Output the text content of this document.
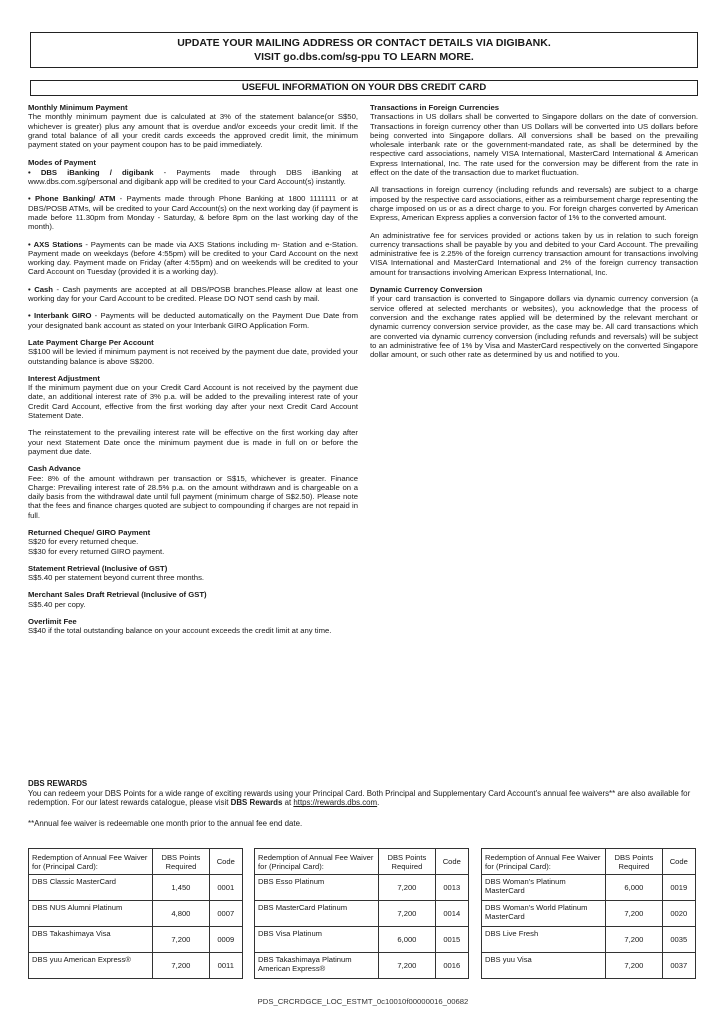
UPDATE YOUR MAILING ADDRESS OR CONTACT DETAILS VIA DIGIBANK.
VISIT go.dbs.com/sg-ppu TO LEARN MORE.
USEFUL INFORMATION ON YOUR DBS CREDIT CARD
Monthly Minimum Payment
The monthly minimum payment due is calculated at 3% of the statement balance(or S$50, whichever is greater) plus any amount that is overdue and/or exceeds your credit limit. If the grand total balance of all your credit cards exceeds the approved credit limit, the minimum payment stated on your payment coupon has to be paid immediately.
Modes of Payment
• DBS iBanking / digibank - Payments made through DBS iBanking at www.dbs.com.sg/personal and digibank app will be credited to your Card Account(s) instantly.
• Phone Banking/ ATM - Payments made through Phone Banking at 1800 1111111 or at DBS/POSB ATMs, will be credited to your Card Account(s) on the next working day (if payment is made before 11.30pm from Monday - Saturday, & before 8pm on the last working day of the month).
• AXS Stations - Payments can be made via AXS Stations including m- Station and e-Station. Payment made on weekdays (before 4:55pm) will be credited to your Card Account on the next working day. Payment made on Friday (after 4:55pm) and on weekends will be credited to your Card Account on Tuesday (provided it is a working day).
• Cash - Cash payments are accepted at all DBS/POSB branches.Please allow at least one working day for your Card Account to be credited. Please DO NOT send cash by mail.
• Interbank GIRO - Payments will be deducted automatically on the Payment Due Date from your designated bank account as stated on your Interbank GIRO Application Form.
Late Payment Charge Per Account
S$100 will be levied if minimum payment is not received by the payment due date, provided your outstanding balance is above S$200.
Interest Adjustment
If the minimum payment due on your Credit Card Account is not received by the payment due date, an additional interest rate of 3% p.a. will be added to the prevailing interest rate of your Credit Card Account, effective from the first working day after your next Credit Card Account Statement Date.
The reinstatement to the prevailing interest rate will be effective on the first working day after your next Statement Date once the minimum payment due is made in full on or before the payment due date.
Cash Advance
Fee: 8% of the amount withdrawn per transaction or S$15, whichever is greater. Finance Charge: Prevailing interest rate of 28.5% p.a. on the amount withdrawn and is chargeable on a daily basis from the withdrawal date until full payment (minimum charge of S$2.50). Please note that the fees and finance charges quoted are subject to compounding if charges are not repaid in full.
Returned Cheque/ GIRO Payment
S$20 for every returned cheque.
S$30 for every returned GIRO payment.
Statement Retrieval (Inclusive of GST)
S$5.40 per statement beyond current three months.
Merchant Sales Draft Retrieval (Inclusive of GST)
S$5.40 per copy.
Overlimit Fee
S$40 if the total outstanding balance on your account exceeds the credit limit at any time.
Transactions in Foreign Currencies
Transactions in US dollars shall be converted to Singapore dollars on the date of conversion. Transactions in foreign currency other than US Dollars will be converted into US dollars before being converted into Singapore dollars. All conversions shall be based on the prevailing wholesale interbank rate or the government-mandated rate, as shall be determined by the respective card associations, namely VISA International, MasterCard International & American Express International, Inc. The rate used for the conversion may be different from the rate in effect on the date of the transaction due to market fluctuation.
All transactions in foreign currency (including refunds and reversals) are subject to a charge imposed by the respective card associations, either as a reimbursement charge representing the charge imposed on us or as a direct charge to you. For foreign charges converted by American Express, American Express applies a conversion factor of 1% to the converted amount.
An administrative fee for services provided or actions taken by us in relation to such foreign currency transactions shall be payable by you and debited to your Card Account. The prevailing administrative fee is 2.25% of the foreign currency transaction amount for transactions involving VISA International and MasterCard International and 2% of the foreign currency transaction amount for transactions involving American Express International, Inc.
Dynamic Currency Conversion
If your card transaction is converted to Singapore dollars via dynamic currency conversion (a service offered at selected merchants or websites), you acknowledge that the process of conversion and the exchange rates applied will be determined by the relevant merchant or dynamic currency conversion service provider, as the case may be. All card transactions which are converted via dynamic currency conversion (including refunds and reversals) will be subject to an administrative fee of 1% by Visa and MasterCard respectively on the converted Singapore dollar amount, or such other rate as determined by us and notified to you.
DBS REWARDS
You can redeem your DBS Points for a wide range of exciting rewards using your Principal Card. Both Principal and Supplementary Card Account's annual fee waivers** are also available for redemption. For our latest rewards catalogue, please visit DBS Rewards at https://rewards.dbs.com.
**Annual fee waiver is redeemable one month prior to the annual fee end date.
Redemption of Annual Fee Waiver for (Principal Card):	DBS Points Required	Code
DBS Classic MasterCard	1,450	0001
DBS NUS Alumni Platinum	4,800	0007
DBS Takashimaya Visa	7,200	0009
DBS yuu American Express®	7,200	0011
Redemption of Annual Fee Waiver for (Principal Card):	DBS Points Required	Code
DBS Esso Platinum	7,200	0013
DBS MasterCard Platinum	7,200	0014
DBS Visa Platinum	6,000	0015
DBS Takashimaya Platinum American Express®	7,200	0016
Redemption of Annual Fee Waiver for (Principal Card):	DBS Points Required	Code
DBS Woman's Platinum MasterCard	6,000	0019
DBS Woman's World Platinum MasterCard	7,200	0020
DBS Live Fresh	7,200	0035
DBS yuu Visa	7,200	0037
PDS_CRCRDGCE_LOC_ESTMT_0c10010f00000016_00682
